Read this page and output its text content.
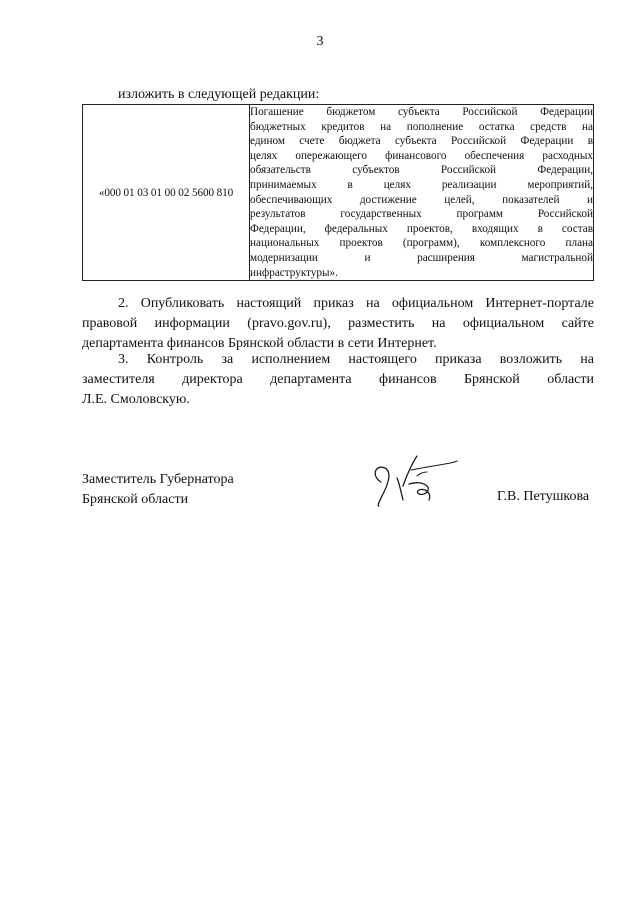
3
изложить в следующей редакции:
«000 01 03 01 00 02 5600 810	
Погашение бюджетом субъекта Российской Федерации
бюджетных кредитов на пополнение остатка средств на
едином счете бюджета субъекта Российской Федерации в
целях опережающего финансового обеспечения расходных
обязательств субъектов Российской Федерации,
принимаемых в целях реализации мероприятий,
обеспечивающих достижение целей, показателей и
результатов государственных программ Российской
Федерации, федеральных проектов, входящих в состав
национальных проектов (программ), комплексного плана
модернизации и расширения магистральной
инфраструктуры».
2. Опубликовать настоящий приказ на официальном Интернет-портале
правовой информации (pravo.gov.ru), разместить на официальном сайте
департамента финансов Брянской области в сети Интернет.
3. Контроль за исполнением настоящего приказа возложить на
заместителя директора департамента финансов Брянской области
Л.Е. Смоловскую.
Заместитель Губернатора
Брянской области	Г.В. Петушкова
